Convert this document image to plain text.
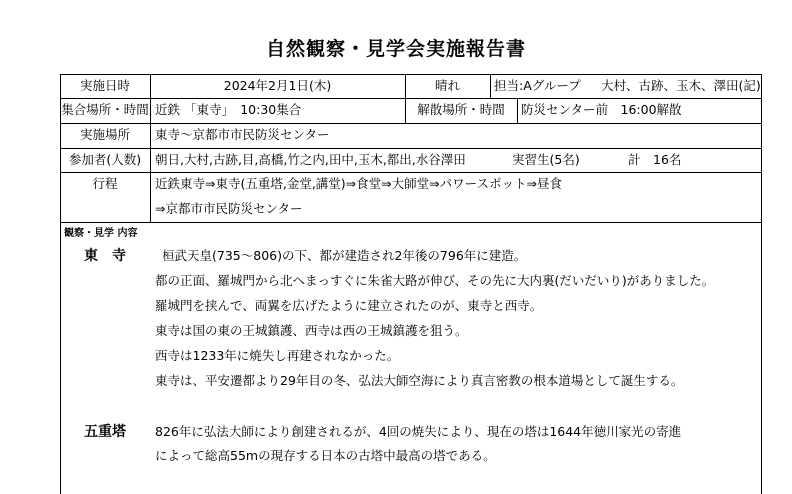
自然観察・見学会実施報告書
実施日時	2024年2月1日(木)	晴れ	担当:Aグループ 大村、古跡、玉木、澤田(記)
集合場所・時間 近鉄 「東寺」　10:30集合	解散場所・時間	防災センター前　16:00解散
実施場所	東寺～京都市市民防災センター
参加者(人数)	朝日,大村,古跡,目,高橋,竹之内,田中,玉木,都出,水谷澤田	実習生(5名)	計　16名
行程	近鉄東寺⇒東寺(五重塔,金堂,講堂)⇒食堂⇒大師堂⇒パワースポット⇒昼食
⇒京都市市民防災センター
観察・見学 内容
東　寺	桓武天皇(735～806)の下、都が建造され2年後の796年に建造。
都の正面、羅城門から北へまっすぐに朱雀大路が伸び、その先に大内裏(だいだいり)がありました。
羅城門を挟んで、両翼を広げたように建立されたのが、東寺と西寺。
東寺は国の東の王城鎮護、西寺は西の王城鎮護を狙う。
西寺は1233年に焼失し再建されなかった。
東寺は、平安遷都より29年目の冬、弘法大師空海により真言密教の根本道場として誕生する。
五重塔	826年に弘法大師により創建されるが、4回の焼失により、現在の塔は1644年徳川家光の寄進
によって総高55mの現存する日本の古塔中最高の塔である。
